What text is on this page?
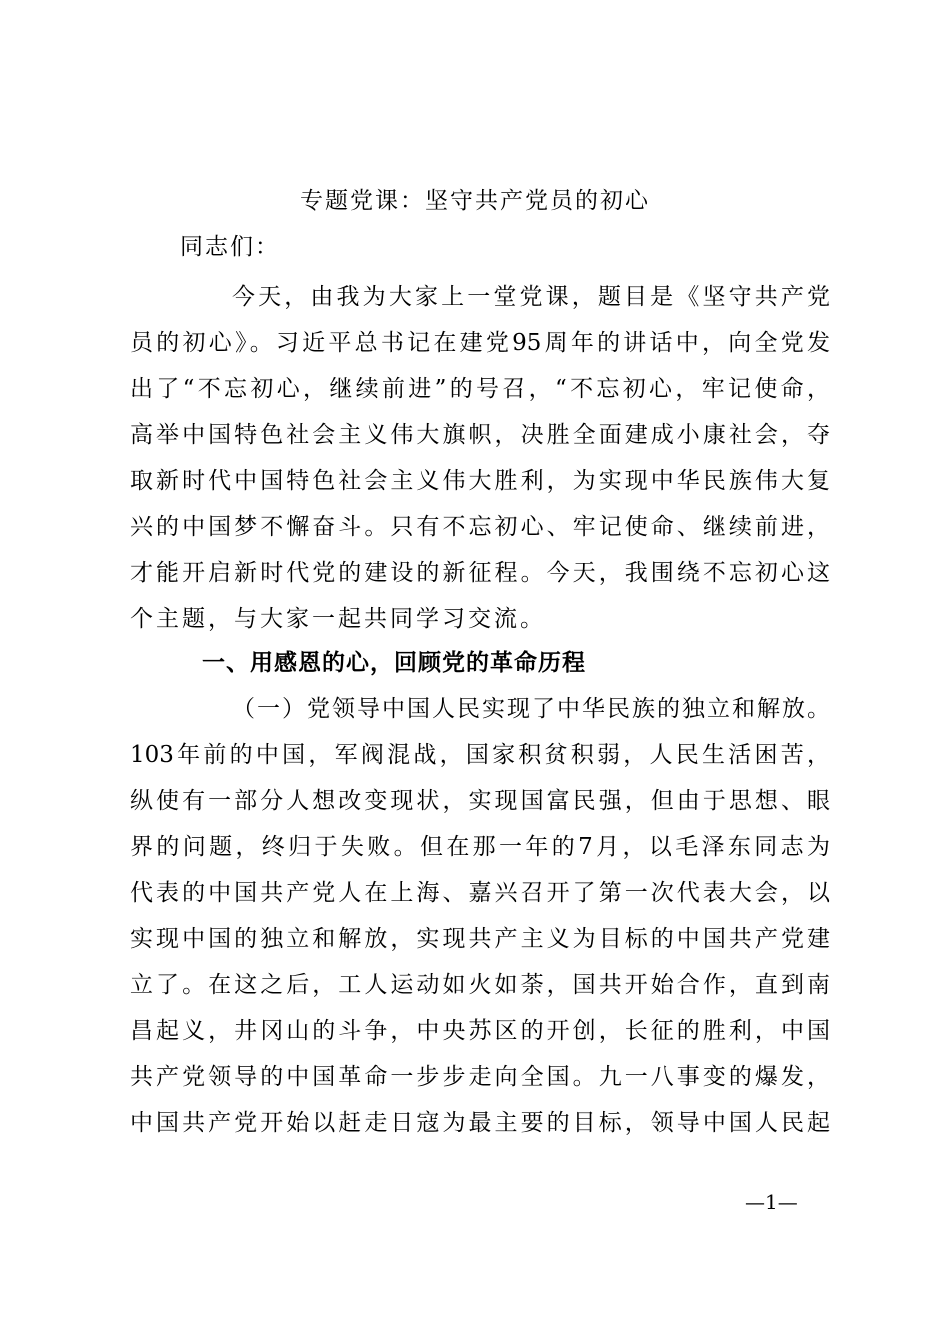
专题党课：坚守共产党员的初心
同志们：
今天，由我为大家上一堂党课，题目是《坚守共产党
员的初心》。习近平总书记在建党95周年的讲话中，向全党发
出了“不忘初心，继续前进”的号召，“不忘初心，牢记使命，
高举中国特色社会主义伟大旗帜，决胜全面建成小康社会，夺
取新时代中国特色社会主义伟大胜利，为实现中华民族伟大复
兴的中国梦不懈奋斗。只有不忘初心、牢记使命、继续前进，
才能开启新时代党的建设的新征程。今天，我围绕不忘初心这
个主题，与大家一起共同学习交流。
一、用感恩的心，回顾党的革命历程
（一）党领导中国人民实现了中华民族的独立和解放。
103年前的中国，军阀混战，国家积贫积弱，人民生活困苦，
纵使有一部分人想改变现状，实现国富民强，但由于思想、眼
界的问题，终归于失败。但在那一年的7月，以毛泽东同志为
代表的中国共产党人在上海、嘉兴召开了第一次代表大会，以
实现中国的独立和解放，实现共产主义为目标的中国共产党建
立了。在这之后，工人运动如火如荼，国共开始合作，直到南
昌起义，井冈山的斗争，中央苏区的开创，长征的胜利，中国
共产党领导的中国革命一步步走向全国。九一八事变的爆发，
中国共产党开始以赶走日寇为最主要的目标，领导中国人民起
—1—
